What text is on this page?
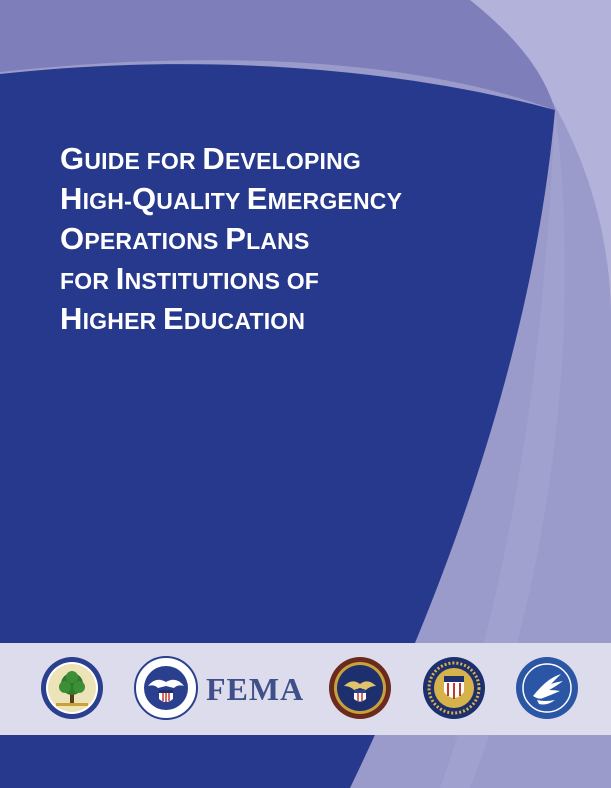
GUIDE FOR DEVELOPING
HIGH-QUALITY EMERGENCY
OPERATIONS PLANS
FOR INSTITUTIONS OF
HIGHER EDUCATION
FEMA
